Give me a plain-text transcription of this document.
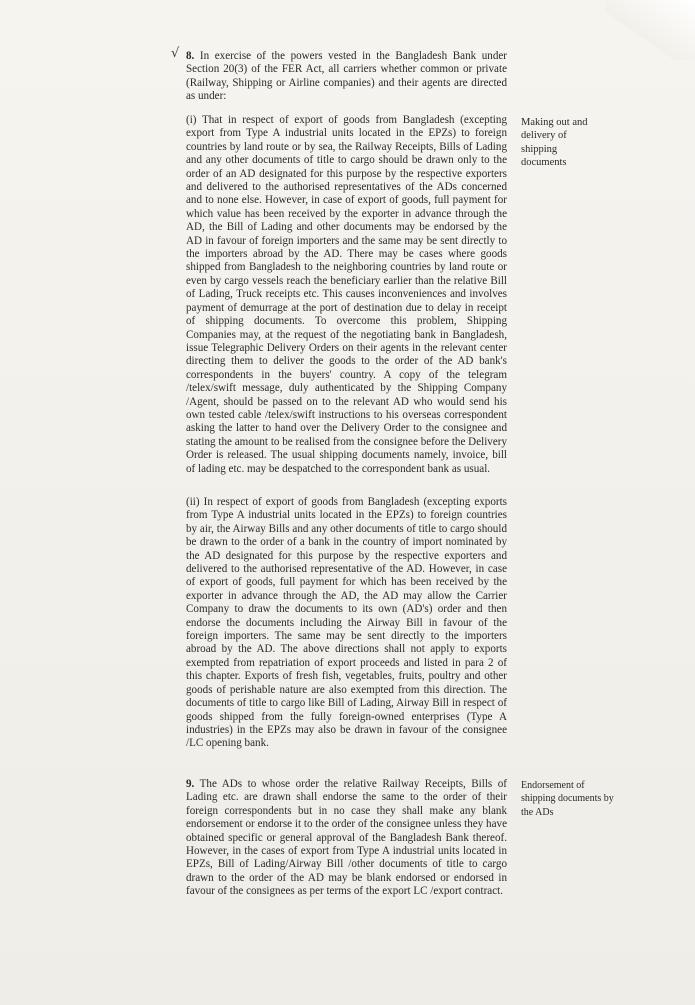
√ 8. In exercise of the powers vested in the Bangladesh Bank under Section 20(3) of the FER Act, all carriers whether common or private (Railway, Shipping or Airline companies) and their agents are directed as under:

(i) That in respect of export of goods from Bangladesh (excepting export from Type A industrial units located in the EPZs) to foreign countries by land route or by sea, the Railway Receipts, Bills of Lading and any other documents of title to cargo should be drawn only to the order of an AD designated for this purpose by the respective exporters and delivered to the authorised representatives of the ADs concerned and to none else. However, in case of export of goods, full payment for which value has been received by the exporter in advance through the AD, the Bill of Lading and other documents may be endorsed by the AD in favour of foreign importers and the same may be sent directly to the importers abroad by the AD. There may be cases where goods shipped from Bangladesh to the neighboring countries by land route or even by cargo vessels reach the beneficiary earlier than the relative Bill of Lading, Truck receipts etc. This causes inconveniences and involves payment of demurrage at the port of destination due to delay in receipt of shipping documents. To overcome this problem, Shipping Companies may, at the request of the negotiating bank in Bangladesh, issue Telegraphic Delivery Orders on their agents in the relevant center directing them to deliver the goods to the order of the AD bank's correspondents in the buyers' country. A copy of the telegram /telex/swift message, duly authenticated by the Shipping Company /Agent, should be passed on to the relevant AD who would send his own tested cable /telex/swift instructions to his overseas correspondent asking the latter to hand over the Delivery Order to the consignee and stating the amount to be realised from the consignee before the Delivery Order is released. The usual shipping documents namely, invoice, bill of lading etc. may be despatched to the correspondent bank as usual.

(ii) In respect of export of goods from Bangladesh (excepting exports from Type A industrial units located in the EPZs) to foreign countries by air, the Airway Bills and any other documents of title to cargo should be drawn to the order of a bank in the country of import nominated by the AD designated for this purpose by the respective exporters and delivered to the authorised representative of the AD. However, in case of export of goods, full payment for which has been received by the exporter in advance through the AD, the AD may allow the Carrier Company to draw the documents to its own (AD's) order and then endorse the documents including the Airway Bill in favour of the foreign importers. The same may be sent directly to the importers abroad by the AD. The above directions shall not apply to exports exempted from repatriation of export proceeds and listed in para 2 of this chapter. Exports of fresh fish, vegetables, fruits, poultry and other goods of perishable nature are also exempted from this direction. The documents of title to cargo like Bill of Lading, Airway Bill in respect of goods shipped from the fully foreign-owned enterprises (Type A industries) in the EPZs may also be drawn in favour of the consignee /LC opening bank.

9. The ADs to whose order the relative Railway Receipts, Bills of Lading etc. are drawn shall endorse the same to the order of their foreign correspondents but in no case they shall make any blank endorsement or endorse it to the order of the consignee unless they have obtained specific or general approval of the Bangladesh Bank thereof. However, in the cases of export from Type A industrial units located in EPZs, Bill of Lading/Airway Bill /other documents of title to cargo drawn to the order of the AD may be blank endorsed or endorsed in favour of the consignees as per terms of the export LC /export contract.

Making out and delivery of shipping documents
Endorsement of shipping documents by the ADs
